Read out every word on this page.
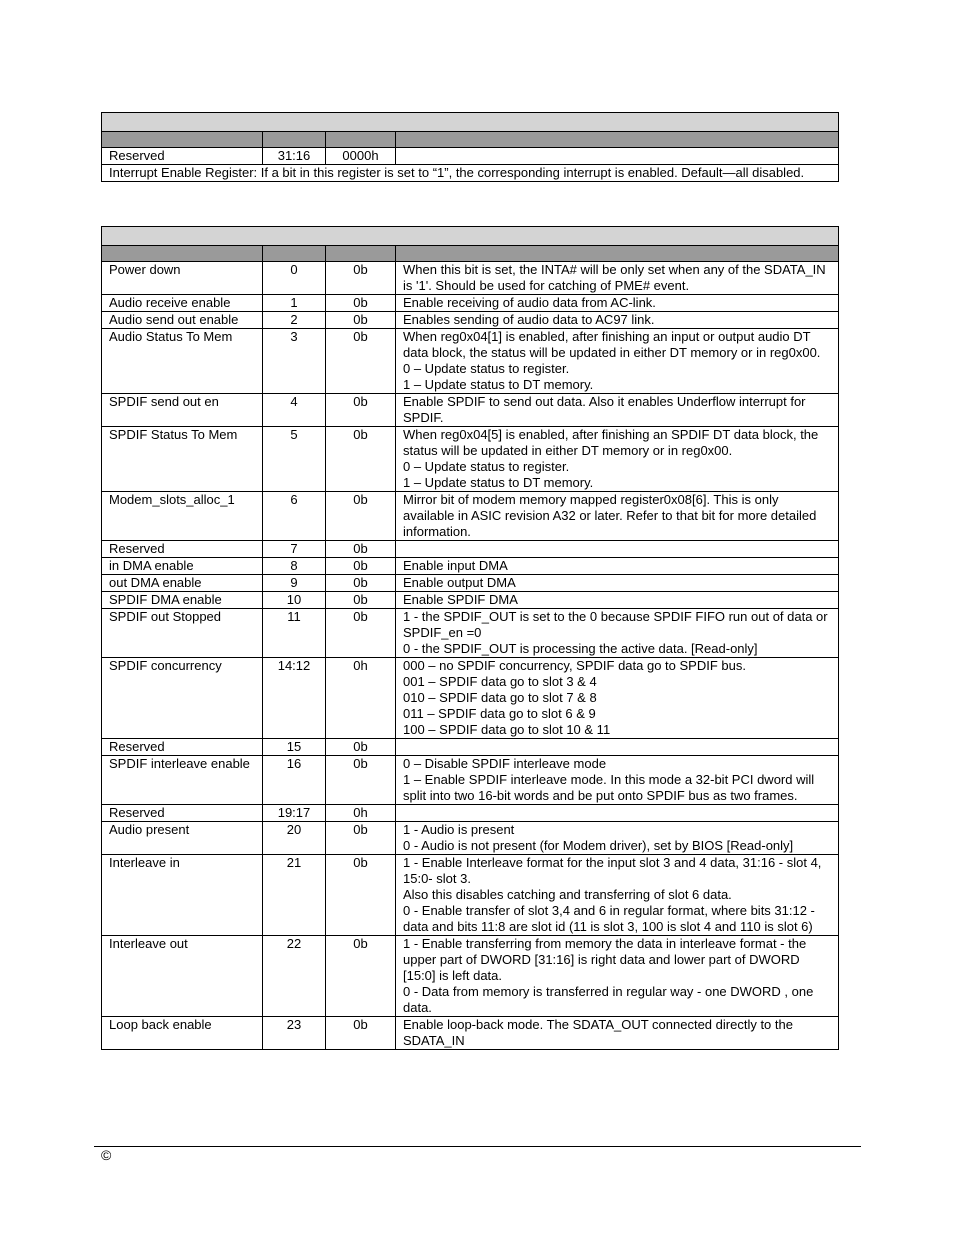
Reserved	31:16	0000h	
Interrupt Enable Register: If a bit in this register is set to “1”, the corresponding interrupt is enabled. Default—all disabled.			

Power down	0	0b	When this bit is set, the INTA# will be only set when any of the SDATA_IN is '1'. Should be used for catching of PME# event.

Audio receive enable	1	0b	Enable receiving of audio data from AC-link.

Audio send out enable	2	0b	Enables sending of audio data to AC97 link.

Audio Status To Mem	3	0b	When reg0x04[1] is enabled, after finishing an input or output audio DT data block, the status will be updated in either DT memory or in reg0x00.
0 – Update status to register.
1 – Update status to DT memory.

SPDIF send out en	4	0b	Enable SPDIF to send out data. Also it enables Underflow interrupt for SPDIF.

SPDIF Status To Mem	5	0b	When reg0x04[5] is enabled, after finishing an SPDIF DT data block, the status will be updated in either DT memory or in reg0x00.
0 – Update status to register.
1 – Update status to DT memory.

Modem_slots_alloc_1	6	0b	Mirror bit of modem memory mapped register0x08[6]. This is only available in ASIC revision A32 or later. Refer to that bit for more detailed information.

Reserved	7	0b	
in DMA enable	8	0b	Enable input DMA

out DMA enable	9	0b	Enable output DMA

SPDIF DMA enable	10	0b	Enable SPDIF DMA

SPDIF out Stopped	11	0b	1 - the SPDIF_OUT is set to the 0 because SPDIF FIFO run out of data or SPDIF_en =0
0 - the SPDIF_OUT is processing the active data. [Read-only]

SPDIF concurrency	14:12	0h	000 – no SPDIF concurrency, SPDIF data go to SPDIF bus.
001 – SPDIF data go to slot 3 & 4
010 – SPDIF data go to slot 7 & 8
011 – SPDIF data go to slot 6 & 9
100 – SPDIF data go to slot 10 & 11

Reserved	15	0b	
SPDIF interleave enable	16	0b	0 – Disable SPDIF interleave mode
1 – Enable SPDIF interleave mode. In this mode a 32-bit PCI dword will split into two 16-bit words and be put onto SPDIF bus as two frames.

Reserved	19:17	0h	
Audio present	20	0b	1 - Audio is present
0 - Audio is not present (for Modem driver), set by BIOS [Read-only]

Interleave in	21	0b	1 - Enable Interleave format for the input slot 3 and 4 data, 31:16 - slot 4, 15:0- slot 3.
Also this disables catching and transferring of slot 6 data.
0 - Enable transfer of slot 3,4 and 6 in regular format, where bits 31:12 - data and bits 11:8 are slot id (11 is slot 3, 100 is slot 4 and 110 is slot 6)

Interleave out	22	0b	1 - Enable transferring from memory the data in interleave format - the upper part of DWORD [31:16] is right data and lower part of DWORD [15:0] is left data.
0 - Data from memory is transferred in regular way - one DWORD , one data.

Loop back enable	23	0b	Enable loop-back mode. The SDATA_OUT connected directly to the SDATA_IN
©
